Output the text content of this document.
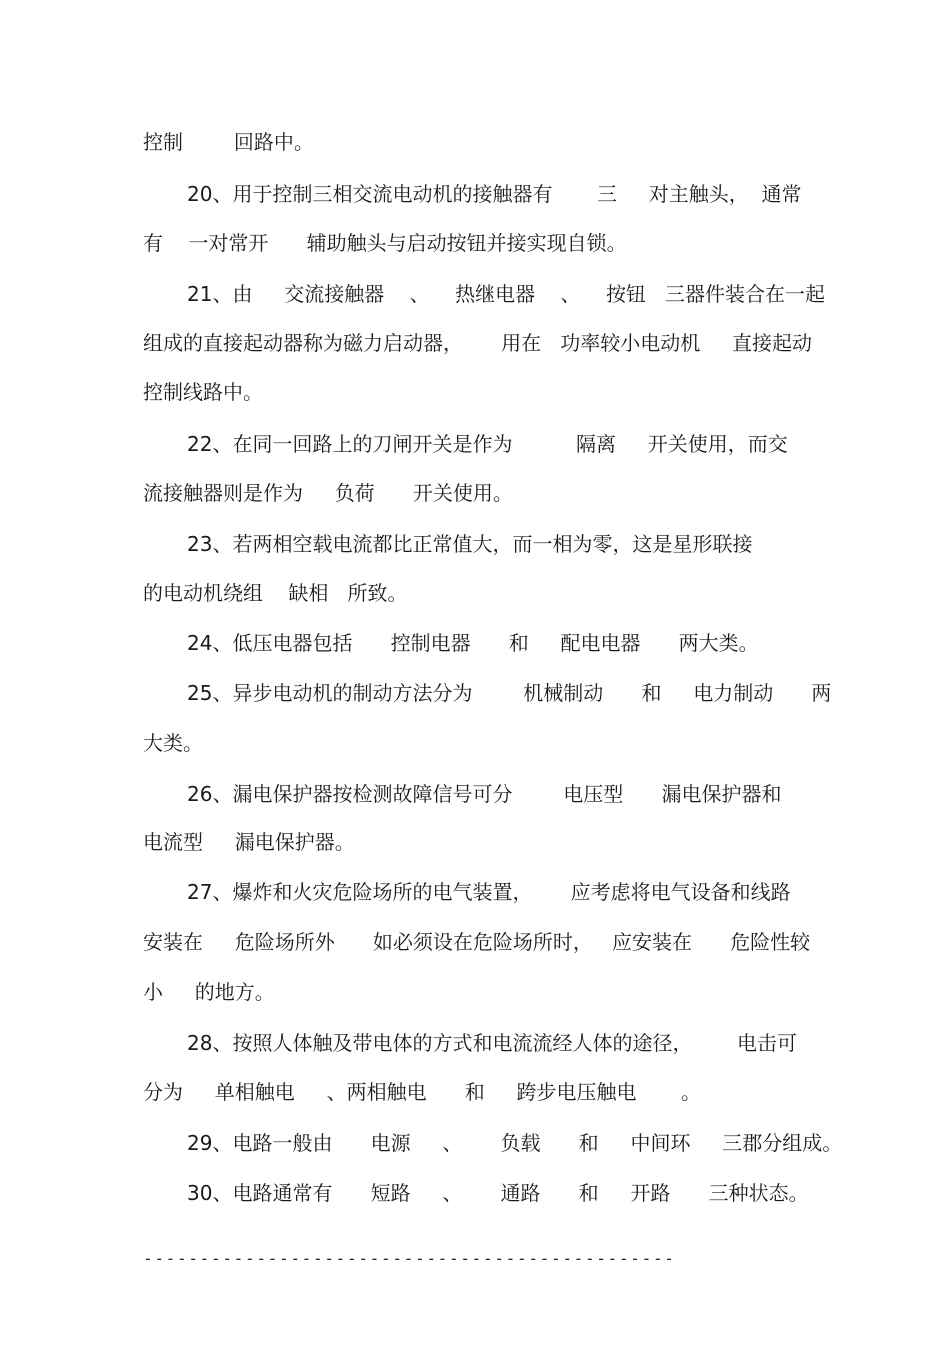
控制        回路中。
20、用于控制三相交流电动机的接触器有       三     对主触头，  通常
有    一对常开      辅助触头与启动按钮并接实现自锁。
21、由     交流接触器    、    热继电器    、    按钮   三器件装合在一起
组成的直接起动器称为磁力启动器，      用在   功率较小电动机     直接起动
控制线路中。
22、在同一回路上的刀闸开关是作为          隔离     开关使用，而交
流接触器则是作为     负荷      开关使用。
23、若两相空载电流都比正常值大，而一相为零，这是星形联接
的电动机绕组    缺相   所致。
24、低压电器包括      控制电器      和     配电电器      两大类。
25、异步电动机的制动方法分为        机械制动      和     电力制动      两
大类。
26、漏电保护器按检测故障信号可分        电压型      漏电保护器和
电流型     漏电保护器。
27、爆炸和火灾危险场所的电气装置，      应考虑将电气设备和线路
安装在     危险场所外      如必须设在危险场所时，   应安装在      危险性较
小     的地方。
28、按照人体触及带电体的方式和电流流经人体的途径，       电击可
分为     单相触电     、两相触电      和     跨步电压触电       。
29、电路一般由      电源     、      负载      和     中间环     三郡分组成。
30、电路通常有      短路     、      通路      和     开路      三种状态。
-----------------------------------------------
